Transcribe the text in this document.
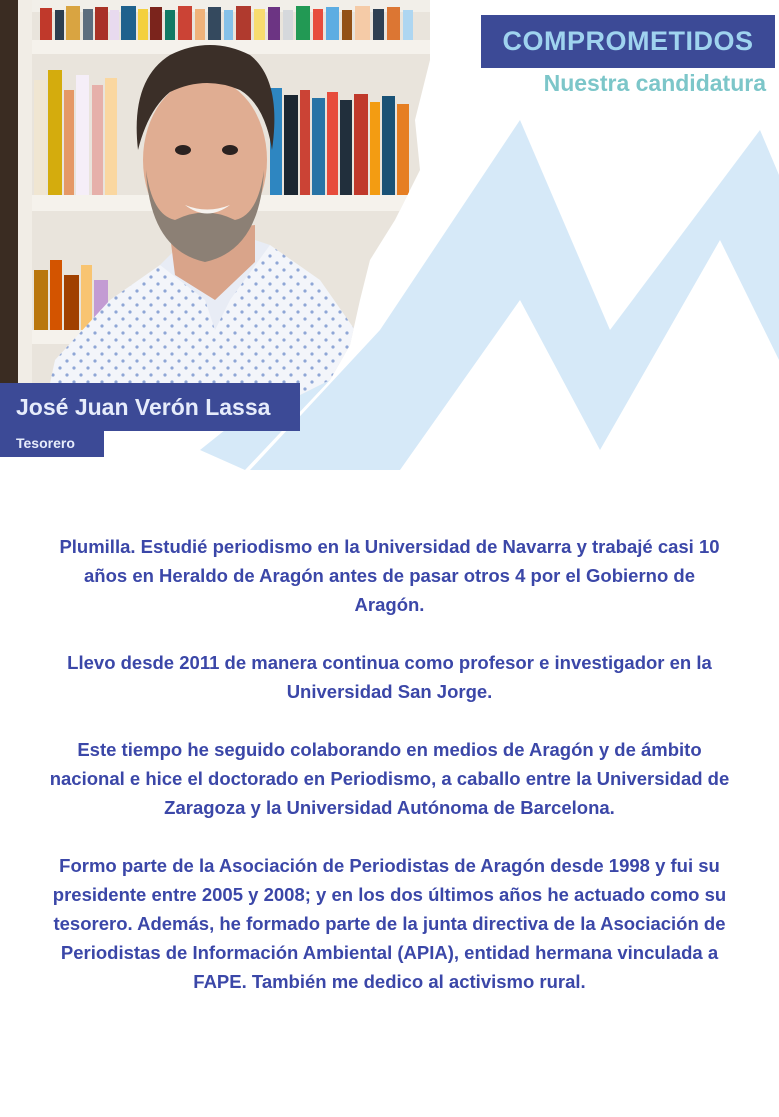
COMPROMETIDOS
Nuestra candidatura
José Juan Verón Lassa
Tesorero

Plumilla. Estudié periodismo en la Universidad de Navarra y trabajé casi 10 años en Heraldo de Aragón antes de pasar otros 4 por el Gobierno de Aragón.

Llevo desde 2011 de manera continua como profesor e investigador en la Universidad San Jorge.

Este tiempo he seguido colaborando en medios de Aragón y de ámbito nacional e hice el doctorado en Periodismo, a caballo entre la Universidad de Zaragoza y la Universidad Autónoma de Barcelona.

Formo parte de la Asociación de Periodistas de Aragón desde 1998 y fui su presidente entre 2005 y 2008; y en los dos últimos años he actuado como su tesorero. Además, he formado parte de la junta directiva de la Asociación de Periodistas de Información Ambiental (APIA), entidad hermana vinculada a FAPE. También me dedico al activismo rural.
